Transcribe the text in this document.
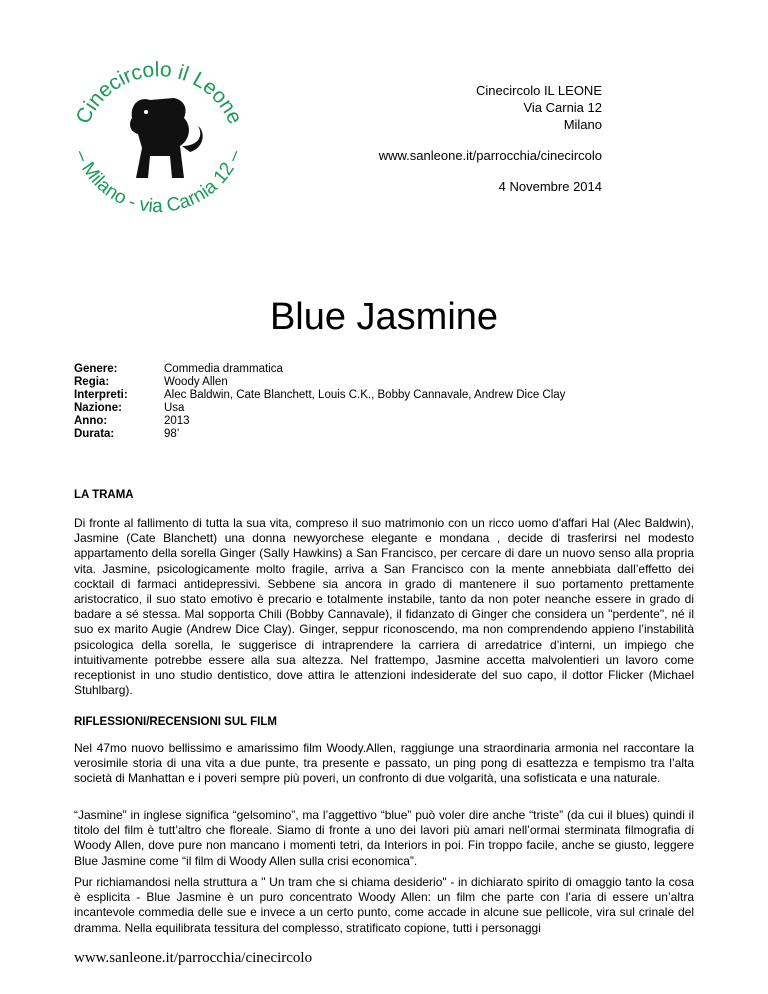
Cinecircolo il Leone
– Milano - via Carnia 12 –
Cinecircolo IL LEONE
Via Carnia 12
Milano
www.sanleone.it/parrocchia/cinecircolo
4 Novembre 2014
Blue Jasmine
Genere:	Commedia drammatica
Regia:	Woody Allen
Interpreti:	Alec Baldwin, Cate Blanchett, Louis C.K., Bobby Cannavale, Andrew Dice Clay
Nazione:	Usa
Anno:	2013
Durata:	98’
LA TRAMA
Di fronte al fallimento di tutta la sua vita, compreso il suo matrimonio con un ricco uomo d'affari Hal (Alec Baldwin), Jasmine (Cate Blanchett) una donna newyorchese elegante e mondana , decide di trasferirsi nel modesto appartamento della sorella Ginger (Sally Hawkins) a San Francisco, per cercare di dare un nuovo senso alla propria vita. Jasmine, psicologicamente molto fragile, arriva a San Francisco con la mente annebbiata dall’effetto dei cocktail di farmaci antidepressivi. Sebbene sia ancora in grado di mantenere il suo portamento prettamente aristocratico, il suo stato emotivo è precario e totalmente instabile, tanto da non poter neanche essere in grado di badare a sé stessa. Mal sopporta Chili (Bobby Cannavale), il fidanzato di Ginger che considera un "perdente", né il suo ex marito Augie (Andrew Dice Clay). Ginger, seppur riconoscendo, ma non comprendendo appieno l’instabilità psicologica della sorella, le suggerisce di intraprendere la carriera di arredatrice d’interni, un impiego che intuitivamente potrebbe essere alla sua altezza. Nel frattempo, Jasmine accetta malvolentieri un lavoro come receptionist in uno studio dentistico, dove attira le attenzioni indesiderate del suo capo, il dottor Flicker (Michael Stuhlbarg).
RIFLESSIONI/RECENSIONI SUL FILM
Nel 47mo nuovo bellissimo e amarissimo film Woody.Allen, raggiunge una straordinaria armonia nel raccontare la verosimile storia di una vita a due punte, tra presente e passato, un ping pong di esattezza e tempismo tra l’alta società di Manhattan e i poveri sempre più poveri, un confronto di due volgarità, una sofisticata e una naturale.
“Jasmine” in inglese significa “gelsomino”, ma l’aggettivo “blue” può voler dire anche “triste” (da cui il blues) quindi il titolo del film è tutt’altro che floreale. Siamo di fronte a uno dei lavori più amari nell’ormai sterminata filmografia di Woody Allen, dove pure non mancano i momenti tetri, da Interiors in poi. Fin troppo facile, anche se giusto, leggere Blue Jasmine come “il film di Woody Allen sulla crisi economica”.
Pur richiamandosi nella struttura a " Un tram che si chiama desiderio" - in dichiarato spirito di omaggio tanto la cosa è esplicita - Blue Jasmine è un puro concentrato Woody Allen: un film che parte con l’aria di essere un’altra incantevole commedia delle sue e invece a un certo punto, come accade in alcune sue pellicole, vira sul crinale del dramma. Nella equilibrata tessitura del complesso, stratificato copione, tutti i personaggi
www.sanleone.it/parrocchia/cinecircolo
